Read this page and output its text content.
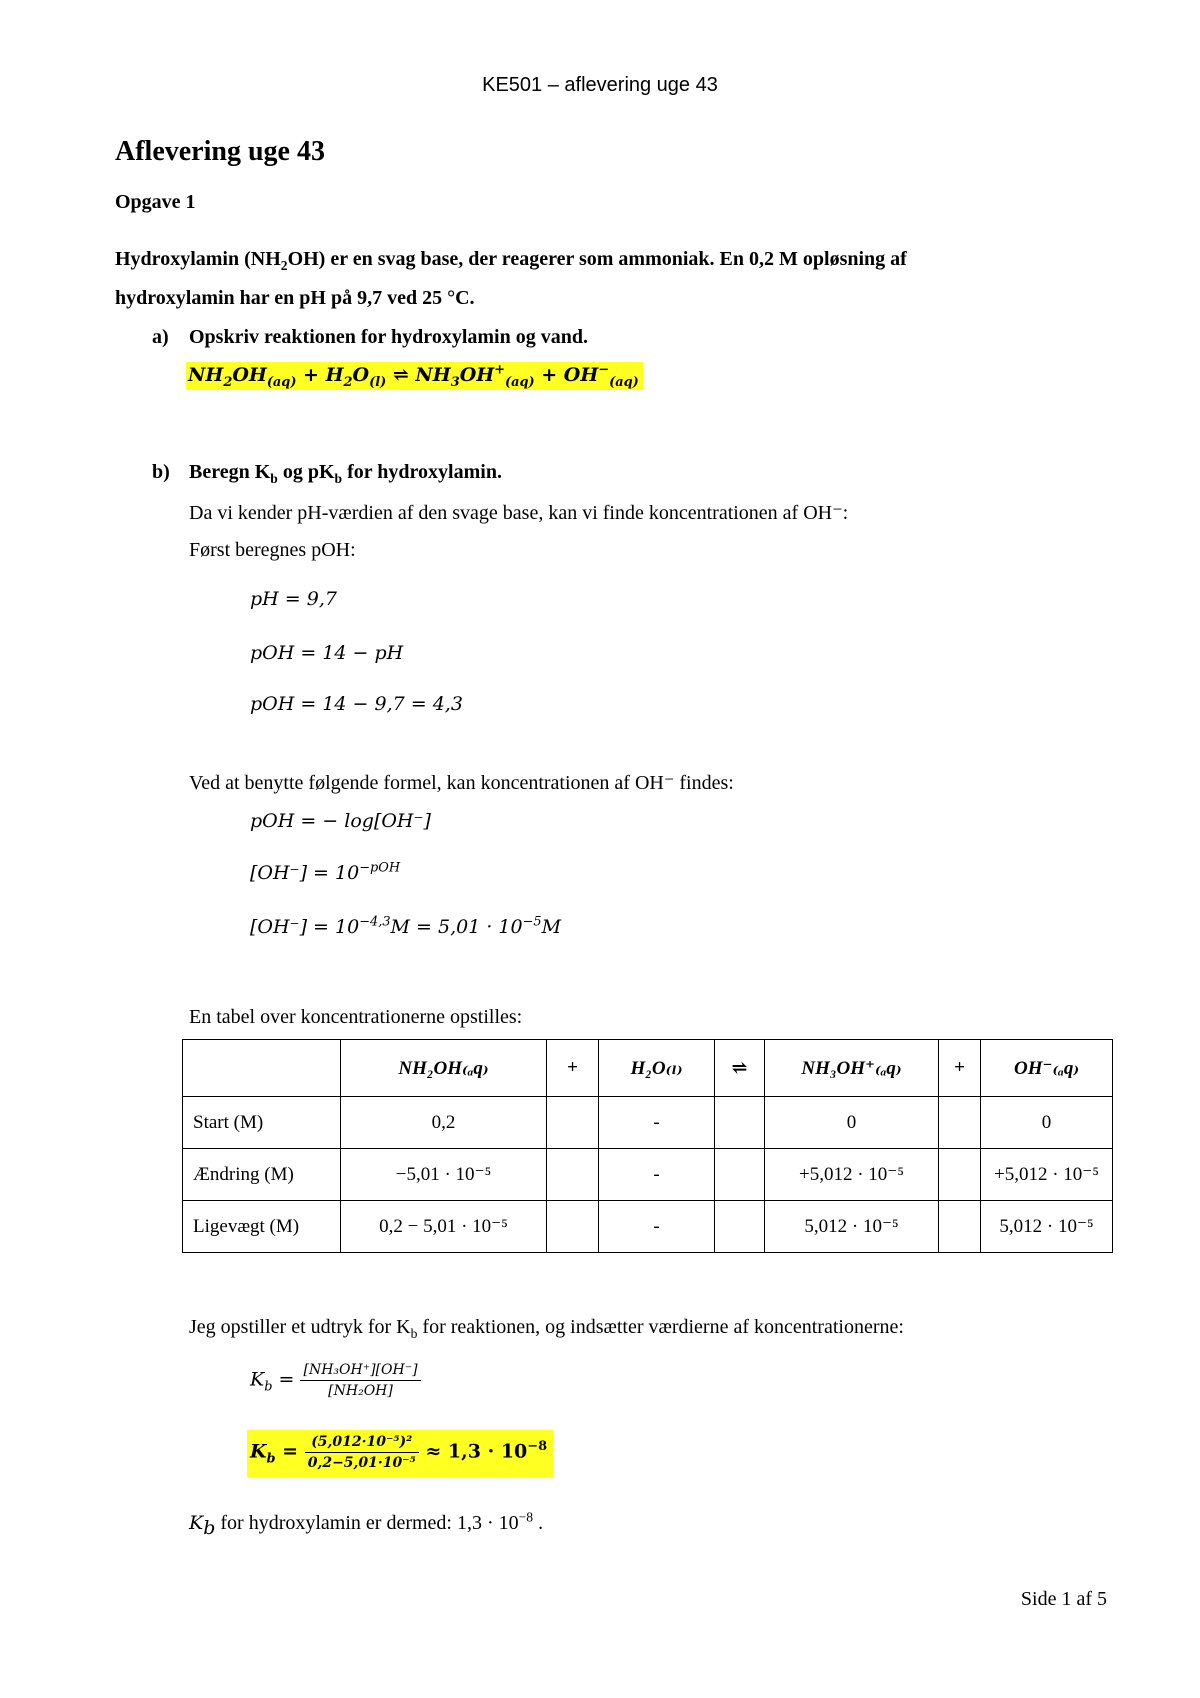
KE501 – aflevering uge 43
Aflevering uge 43
Opgave 1
Hydroxylamin $(NH_2OH)$ er en svag base, der reagerer som ammoniak. En 0,2 M opløsning af
hydroxylamin har en pH på 9,7 ved 25 °C.
a) Opskriv reaktionen for hydroxylamin og vand.
$NH_2OH_{(aq)} + H_2O_{(l)}$ ⇌ $NH_3OH^+_{(aq)} + OH^-_{(aq)}$
b) Beregn $K_b$ og $pK_b$ for hydroxylamin.
Da vi kender pH-værdien af den svage base, kan vi finde koncentrationen af OH⁻:
Først beregnes pOH:
pH = 9,7
pOH = 14 − pH
pOH = 14 − 9,7 = 4,3
Ved at benytte følgende formel, kan koncentrationen af OH⁻ findes:
pOH = − log[OH⁻]
$[OH^-] = 10^{-pOH}$
$[OH^-] = 10^{-4,3}M = 5,01 \cdot 10^{-5}M$
En tabel over koncentrationerne opstilles:
	NH₂OH₍ₐq₎	+	H₂O₍ₗ₎	⇌	NH₃OH⁺₍ₐq₎	+	OH⁻₍ₐq₎
Start (M)	0,2		-		0		0
Ændring (M)	−5,01 · 10⁻⁵		-		+5,012 · 10⁻⁵		+5,012 · 10⁻⁵
Ligevægt (M)	0,2 − 5,01 · 10⁻⁵		-		5,012 · 10⁻⁵		5,012 · 10⁻⁵
Jeg opstiller et udtryk for $K_b$ for reaktionen, og indsætter værdierne af koncentrationerne:
$K_b = \frac{\text{[NH₃OH⁺][OH⁻]}}{\text{[NH₂OH]}}$
$K_b = \frac{\text{(5,012·10⁻⁵)²}}{\text{0,2−5,01·10⁻⁵}} \approx 1,3 \cdot 10^{-8}$
$K_b$ for hydroxylamin er dermed: $1,3 \cdot 10^{-8}$ .
Side 1 af 5
